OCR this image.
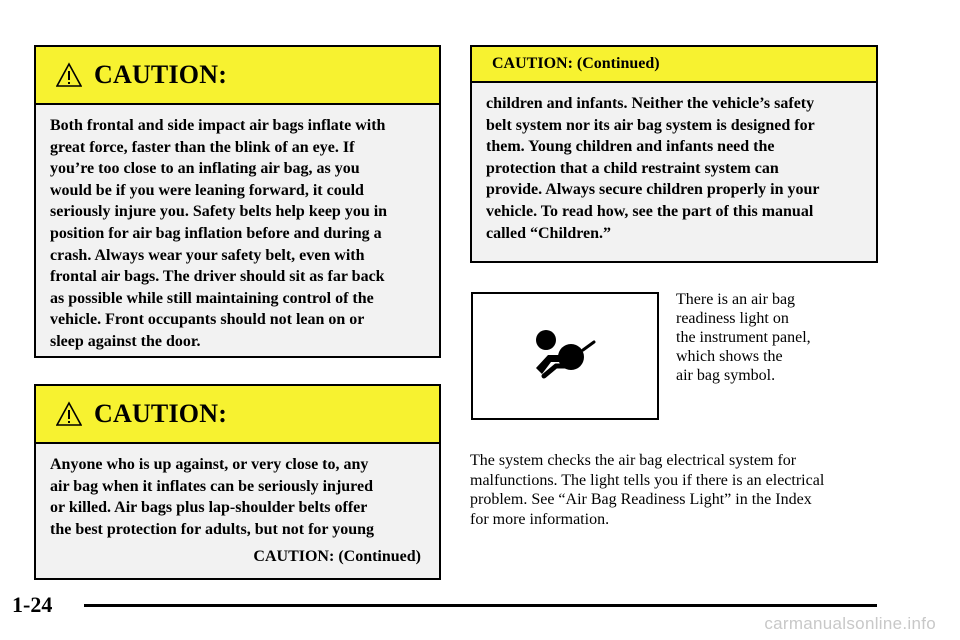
CAUTION:
Both frontal and side impact air bags inflate with
great force, faster than the blink of an eye. If
you’re too close to an inflating air bag, as you
would be if you were leaning forward, it could
seriously injure you. Safety belts help keep you in
position for air bag inflation before and during a
crash. Always wear your safety belt, even with
frontal air bags. The driver should sit as far back
as possible while still maintaining control of the
vehicle. Front occupants should not lean on or
sleep against the door.
CAUTION:
Anyone who is up against, or very close to, any
air bag when it inflates can be seriously injured
or killed. Air bags plus lap-shoulder belts offer
the best protection for adults, but not for young
CAUTION: (Continued)
CAUTION: (Continued)
children and infants. Neither the vehicle’s safety
belt system nor its air bag system is designed for
them. Young children and infants need the
protection that a child restraint system can
provide. Always secure children properly in your
vehicle. To read how, see the part of this manual
called “Children.”
There is an air bag
readiness light on
the instrument panel,
which shows the
air bag symbol.
The system checks the air bag electrical system for
malfunctions. The light tells you if there is an electrical
problem. See “Air Bag Readiness Light” in the Index
for more information.
1-24
carmanualsonline.info
